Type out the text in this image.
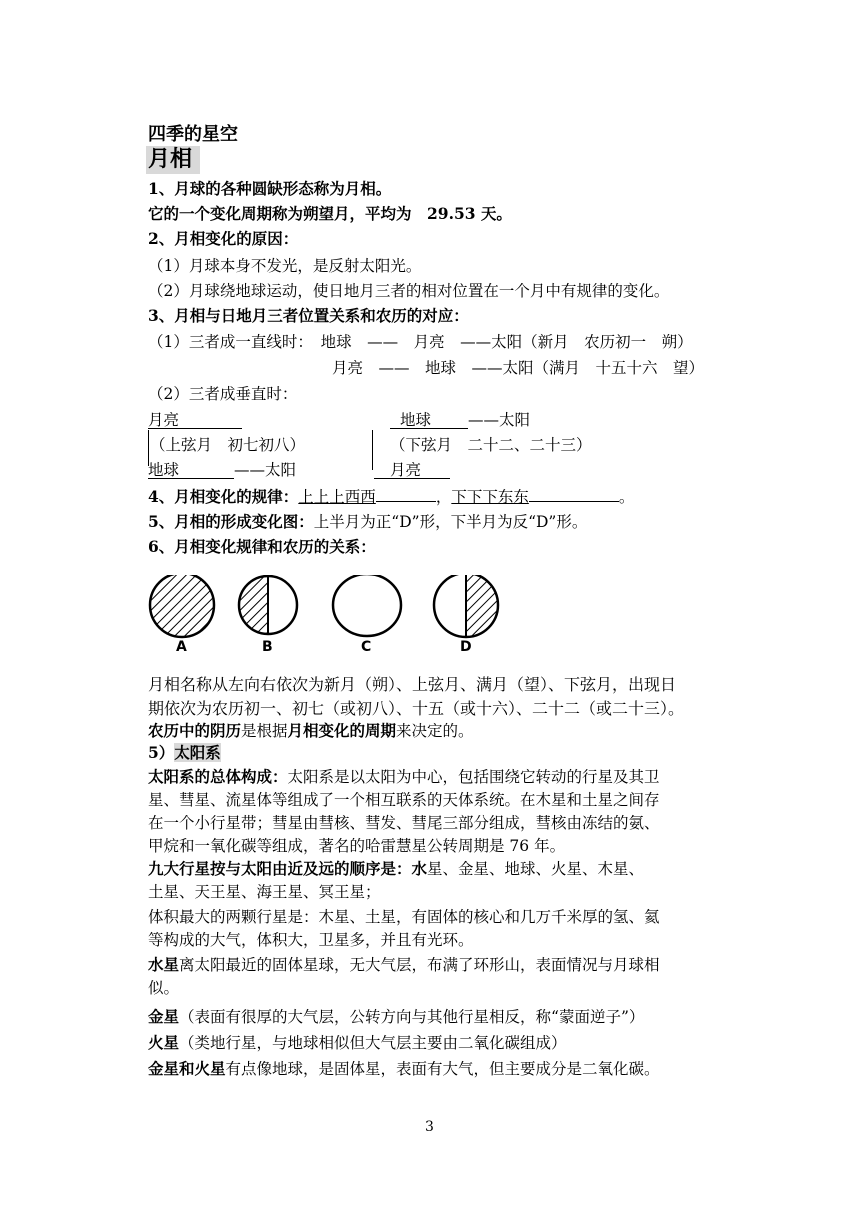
四季的星空
月相
1、月球的各种圆缺形态称为月相。
它的一个变化周期称为朔望月，平均为　29.53 天。
2、月相变化的原因：
（1）月球本身不发光，是反射太阳光。
（2）月球绕地球运动，使日地月三者的相对位置在一个月中有规律的变化。
3、月相与日地月三者位置关系和农历的对应：
（1）三者成一直线时：　地球　——　月亮　——太阳（新月　农历初一　朔）
月亮　——　地球　——太阳（满月　十五十六　望）
（2）三者成垂直时：
月亮
（上弦月　初七初八）
地球	——太阳
地球 ——太阳
（下弦月　二十二、二十三）
月亮
4、月相变化的规律：上上上西西	，下下下东东	。
5、月相的形成变化图：上半月为正“D”形，下半月为反“D”形。
6、月相变化规律和农历的关系：
A	B	C	D
月相名称从左向右依次为新月（朔）、上弦月、满月（望）、下弦月，出现日
期依次为农历初一、初七（或初八）、十五（或十六）、二十二（或二十三）。
农历中的阴历是根据月相变化的周期来决定的。
5）太阳系
太阳系的总体构成：太阳系是以太阳为中心，包括围绕它转动的行星及其卫
星、彗星、流星体等组成了一个相互联系的天体系统。在木星和土星之间存
在一个小行星带；彗星由彗核、彗发、彗尾三部分组成，彗核由冻结的氨、
甲烷和一氧化碳等组成，著名的哈雷慧星公转周期是 76 年。
九大行星按与太阳由近及远的顺序是：水星、金星、地球、火星、木星、
土星、天王星、海王星、冥王星；
体积最大的两颗行星是：木星、土星，有固体的核心和几万千米厚的氢、氦
等构成的大气，体积大，卫星多，并且有光环。
水星离太阳最近的固体星球，无大气层，布满了环形山，表面情况与月球相
似。
金星（表面有很厚的大气层，公转方向与其他行星相反，称“蒙面逆子”）
火星（类地行星，与地球相似但大气层主要由二氧化碳组成）
金星和火星有点像地球，是固体星，表面有大气，但主要成分是二氧化碳。
3
